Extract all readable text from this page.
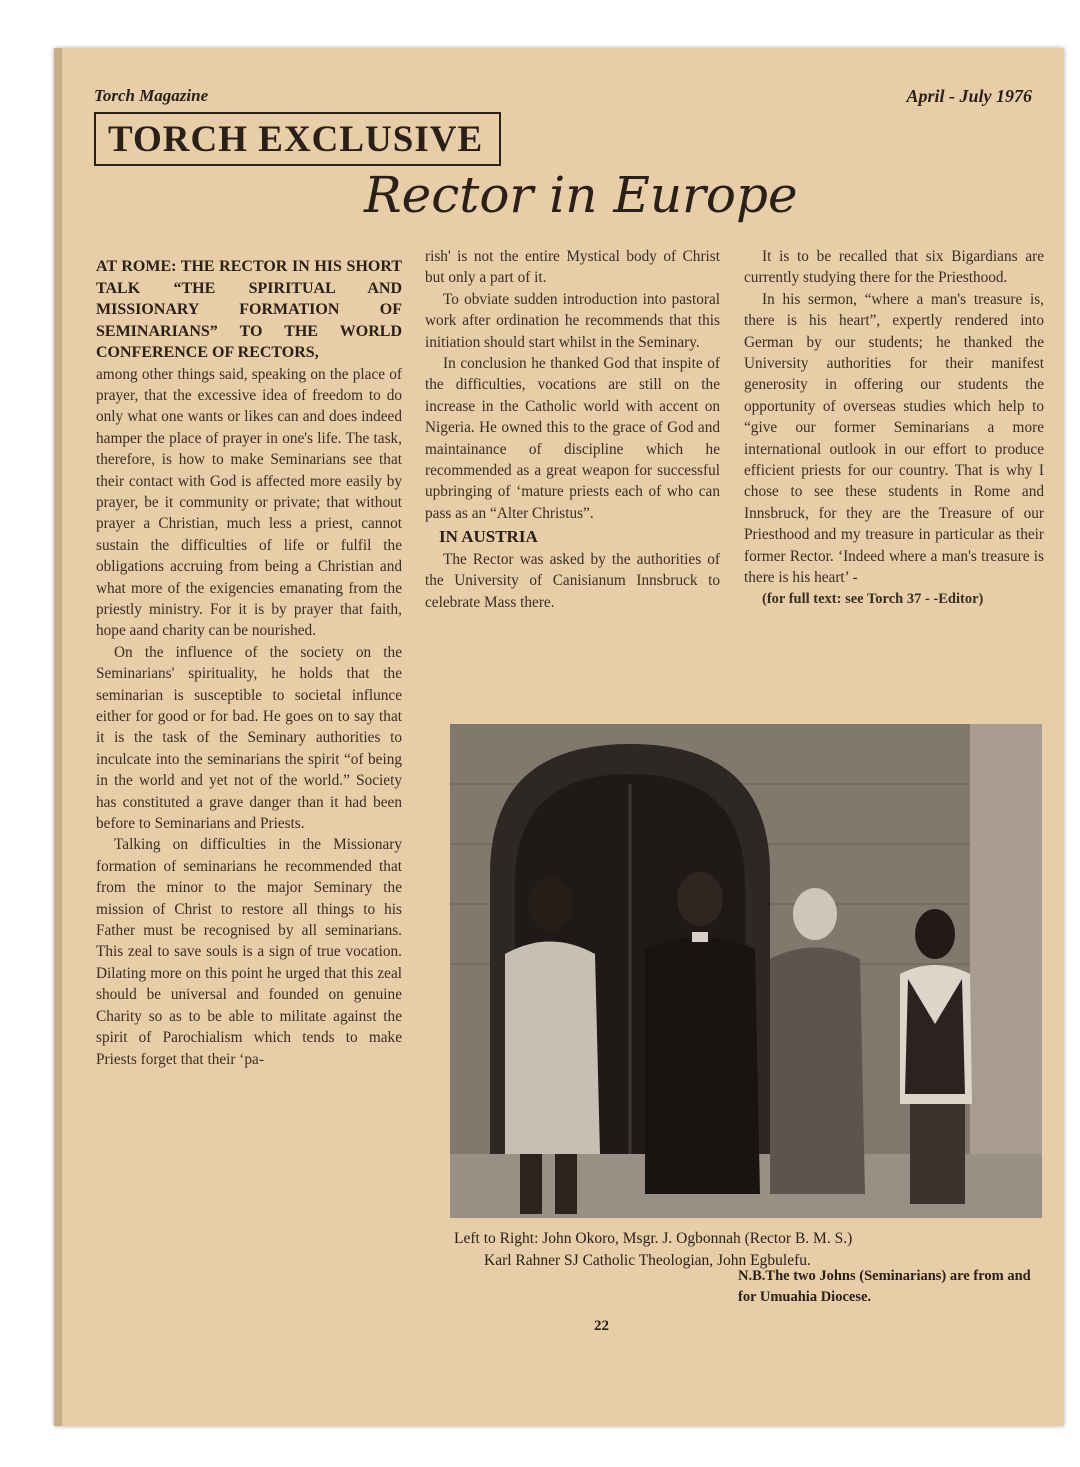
Torch Magazine	April - July 1976
TORCH EXCLUSIVE
Rector in Europe
AT ROME: THE RECTOR IN HIS SHORT TALK “THE SPIRITUAL AND MISSIONARY FORMATION OF SEMINARIANS” TO THE WORLD CONFERENCE OF RECTORS,

among other things said, speaking on the place of prayer, that the excessive idea of freedom to do only what one wants or likes can and does indeed hamper the place of prayer in one's life. The task, therefore, is how to make Seminarians see that their contact with God is affected more easily by prayer, be it community or private; that without prayer a Christian, much less a priest, cannot sustain the difficulties of life or fulfil the obligations accruing from being a Christian and what more of the exigencies emanating from the priestly ministry. For it is by prayer that faith, hope aand charity can be nourished.

On the influence of the society on the Seminarians' spirituality, he holds that the seminarian is susceptible to societal influnce either for good or for bad. He goes on to say that it is the task of the Seminary authorities to inculcate into the seminarians the spirit “of being in the world and yet not of the world.” Society has constituted a grave danger than it had been before to Seminarians and Priests.

Talking on difficulties in the Missionary formation of seminarians he recommended that from the minor to the major Seminary the mission of Christ to restore all things to his Father must be recognised by all seminarians. This zeal to save souls is a sign of true vocation. Dilating more on this point he urged that this zeal should be universal and founded on genuine Charity so as to be able to militate against the spirit of Parochialism which tends to make Priests forget that their ‘pa-

rish' is not the entire Mystical body of Christ but only a part of it.

To obviate sudden introduction into pastoral work after ordination he recommends that this initiation should start whilst in the Seminary.

In conclusion he thanked God that inspite of the difficulties, vocations are still on the increase in the Catholic world with accent on Nigeria. He owned this to the grace of God and maintainance of discipline which he recommended as a great weapon for successful upbringing of ‘mature priests each of who can pass as an “Alter Christus”.

IN AUSTRIA

The Rector was asked by the authorities of the University of Canisianum Innsbruck to celebrate Mass there.

It is to be recalled that six Bigardians are currently studying there for the Priesthood.

In his sermon, “where a man's treasure is, there is his heart”, expertly rendered into German by our students; he thanked the University authorities for their manifest generosity in offering our students the opportunity of overseas studies which help to “give our former Seminarians a more international outlook in our effort to produce efficient priests for our country. That is why I chose to see these students in Rome and Innsbruck, for they are the Treasure of our Priesthood and my treasure in particular as their former Rector. ‘Indeed where a man's treasure is there is his heart’ -

(for full text: see Torch 37 - -Editor)

Left to Right: John Okoro, Msgr. J. Ogbonnah (Rector B. M. S.)
Karl Rahner SJ Catholic Theologian, John Egbulefu.
N.B.The two Johns (Seminarians) are from and for Umuahia Diocese.
22
